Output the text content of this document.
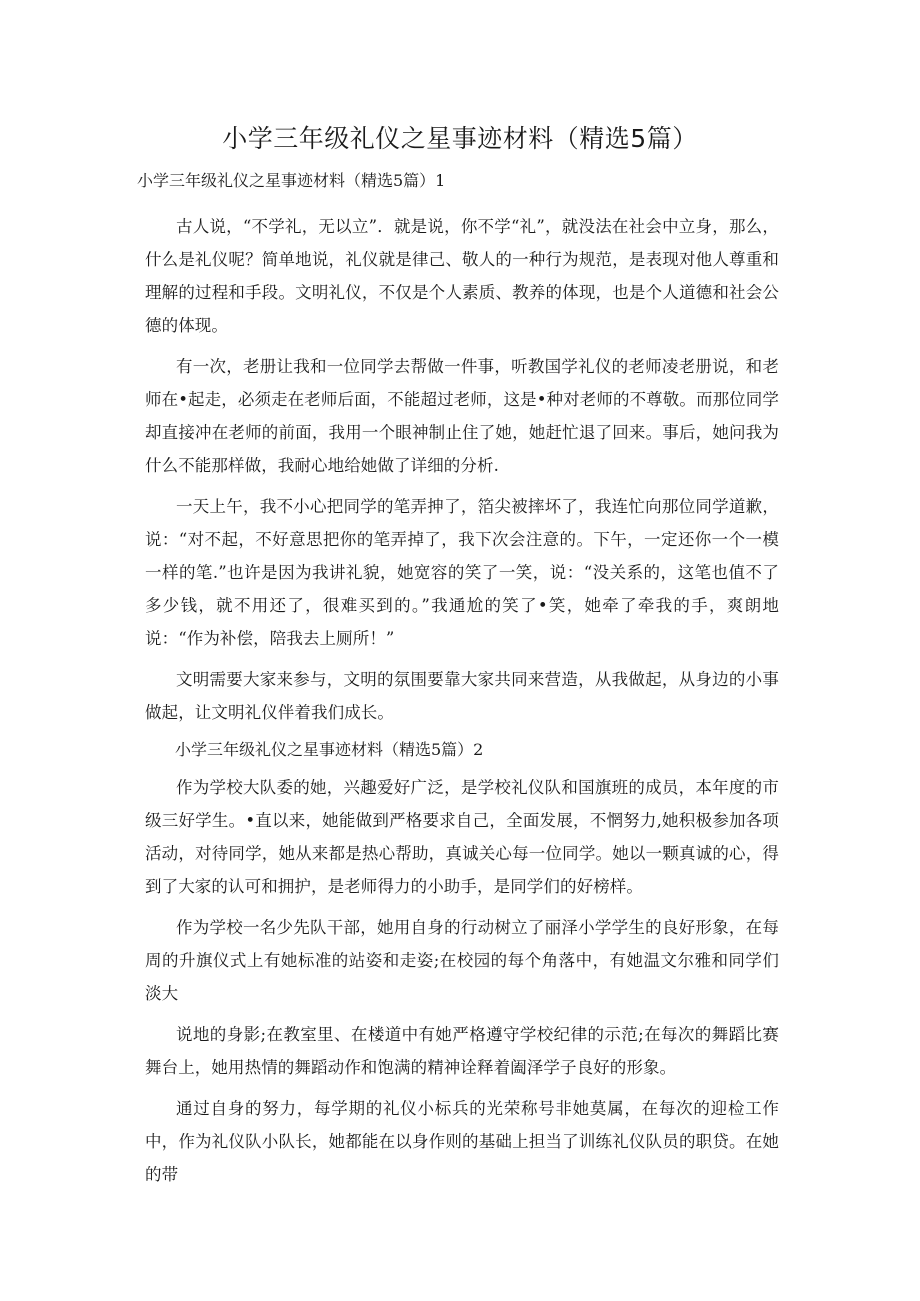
小学三年级礼仪之星事迹材料（精选5篇）

小学三年级礼仪之星事迹材料（精选5篇）1

古人说，“不学礼，无以立”．就是说，你不学“礼”，就没法在社会中立身，那么，什么是礼仪呢？简单地说，礼仪就是律己、敬人的一种行为规范，是表现对他人尊重和理解的过程和手段。文明礼仪，不仅是个人素质、教养的体现，也是个人道德和社会公德的体现。

有一次，老册让我和一位同学去帮做一件事，听教国学礼仪的老师凌老册说，和老师在•起走，必须走在老师后面，不能超过老师，这是•种对老师的不尊敬。而那位同学却直接冲在老师的前面，我用一个眼神制止住了她，她赶忙退了回来。事后，她问我为什么不能那样做，我耐心地给她做了详细的分析.

一天上午，我不小心把同学的笔弄抻了，箔尖被摔坏了，我连忙向那位同学道歉，说：“对不起，不好意思把你的笔弄掉了，我下次会注意的。下午，一定还你一个一模一样的笔.”也许是因为我讲礼貌，她宽容的笑了一笑，说：“没关系的，这笔也值不了多少钱，就不用还了，很难买到的。”我通尬的笑了•笑，她牵了牵我的手，爽朗地说：“作为补偿，陪我去上厕所！”

文明需要大家来参与，文明的氛围要靠大家共同来营造，从我做起，从身边的小事做起，让文明礼仪伴着我们成长。

小学三年级礼仪之星事迹材料（精选5篇）2

作为学校大队委的她，兴趣爱好广泛，是学校礼仪队和国旗班的成员，本年度的市级三好学生。•直以来，她能做到严格要求自己，全面发展，不惘努力,她积极参加各项活动，对待同学，她从来都是热心帮助，真诚关心每一位同学。她以一颗真诚的心，得到了大家的认可和拥护，是老师得力的小助手，是同学们的好榜样。

作为学校一名少先队干部，她用自身的行动树立了丽泽小学学生的良好形象，在每周的升旗仪式上有她标准的站姿和走姿;在校园的每个角落中，有她温文尔雅和同学们淡大

说地的身影;在教室里、在楼道中有她严格遵守学校纪律的示范;在每次的舞蹈比赛舞台上，她用热情的舞蹈动作和饱满的精神诠释着阖泽学子良好的形象。

通过自身的努力，每学期的礼仪小标兵的光荣称号非她莫属，在每次的迎检工作中，作为礼仪队小队长，她都能在以身作则的基础上担当了训练礼仪队员的职贷。在她的带
